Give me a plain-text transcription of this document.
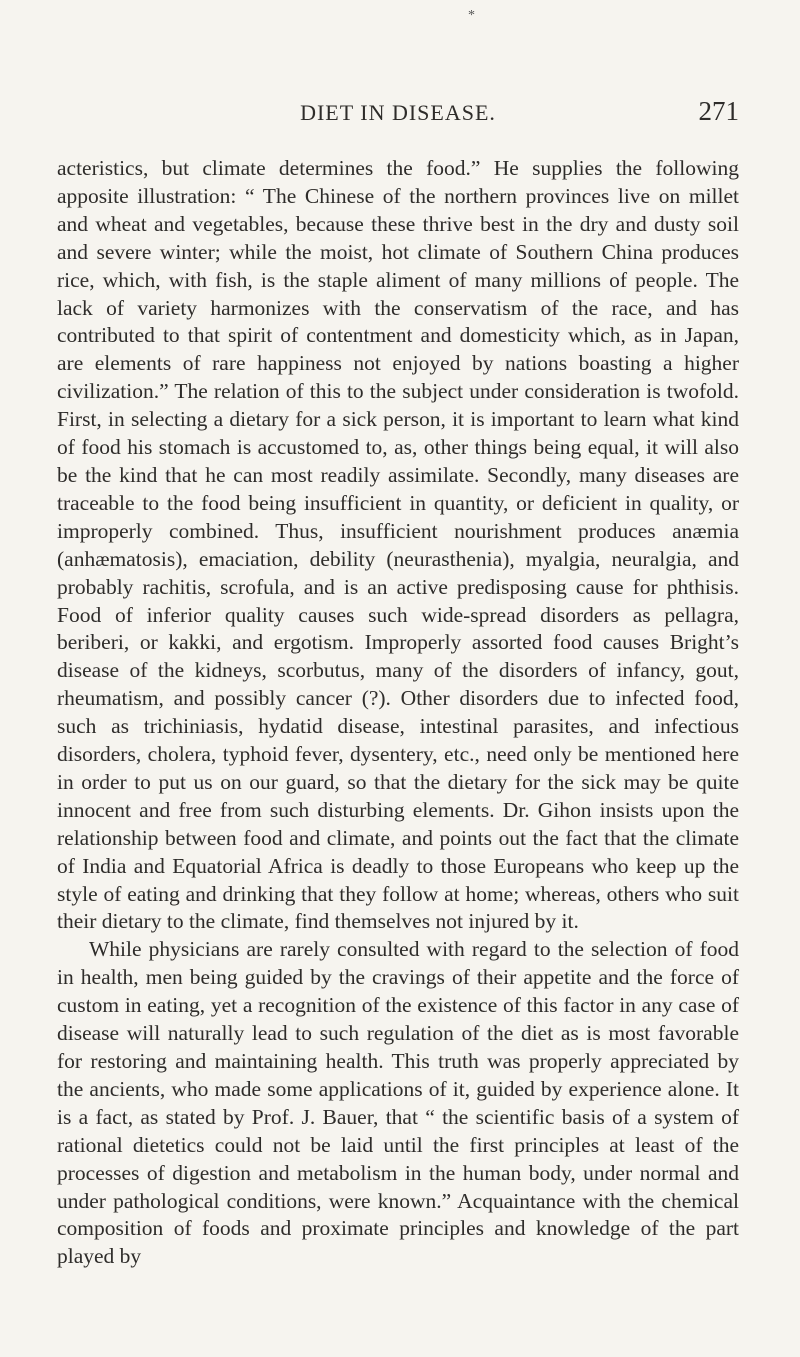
*
DIET IN DISEASE.	271

acteristics, but climate determines the food.” He supplies the following apposite illustration: “ The Chinese of the northern provinces live on millet and wheat and vegetables, because these thrive best in the dry and dusty soil and severe winter; while the moist, hot climate of Southern China produces rice, which, with fish, is the staple aliment of many millions of people. The lack of variety harmonizes with the conservatism of the race, and has contributed to that spirit of contentment and domesticity which, as in Japan, are elements of rare happiness not enjoyed by nations boasting a higher civilization.” The relation of this to the subject under consideration is twofold. First, in selecting a dietary for a sick person, it is important to learn what kind of food his stomach is accustomed to, as, other things being equal, it will also be the kind that he can most readily assimilate. Secondly, many diseases are traceable to the food being insufficient in quantity, or deficient in quality, or improperly combined. Thus, insufficient nourishment produces anæmia (anhæmatosis), emaciation, debility (neurasthenia), myalgia, neuralgia, and probably rachitis, scrofula, and is an active predisposing cause for phthisis. Food of inferior quality causes such wide-spread disorders as pellagra, beriberi, or kakki, and ergotism. Improperly assorted food causes Bright’s disease of the kidneys, scorbutus, many of the disorders of infancy, gout, rheumatism, and possibly cancer (?). Other disorders due to infected food, such as trichiniasis, hydatid disease, intestinal parasites, and infectious disorders, cholera, typhoid fever, dysentery, etc., need only be mentioned here in order to put us on our guard, so that the dietary for the sick may be quite innocent and free from such disturbing elements. Dr. Gihon insists upon the relationship between food and climate, and points out the fact that the climate of India and Equatorial Africa is deadly to those Europeans who keep up the style of eating and drinking that they follow at home; whereas, others who suit their dietary to the climate, find themselves not injured by it.

While physicians are rarely consulted with regard to the selection of food in health, men being guided by the cravings of their appetite and the force of custom in eating, yet a recognition of the existence of this factor in any case of disease will naturally lead to such regulation of the diet as is most favorable for restoring and maintaining health. This truth was properly appreciated by the ancients, who made some applications of it, guided by experience alone. It is a fact, as stated by Prof. J. Bauer, that “ the scientific basis of a system of rational dietetics could not be laid until the first principles at least of the processes of digestion and metabolism in the human body, under normal and under pathological conditions, were known.” Acquaintance with the chemical composition of foods and proximate principles and knowledge of the part played by
